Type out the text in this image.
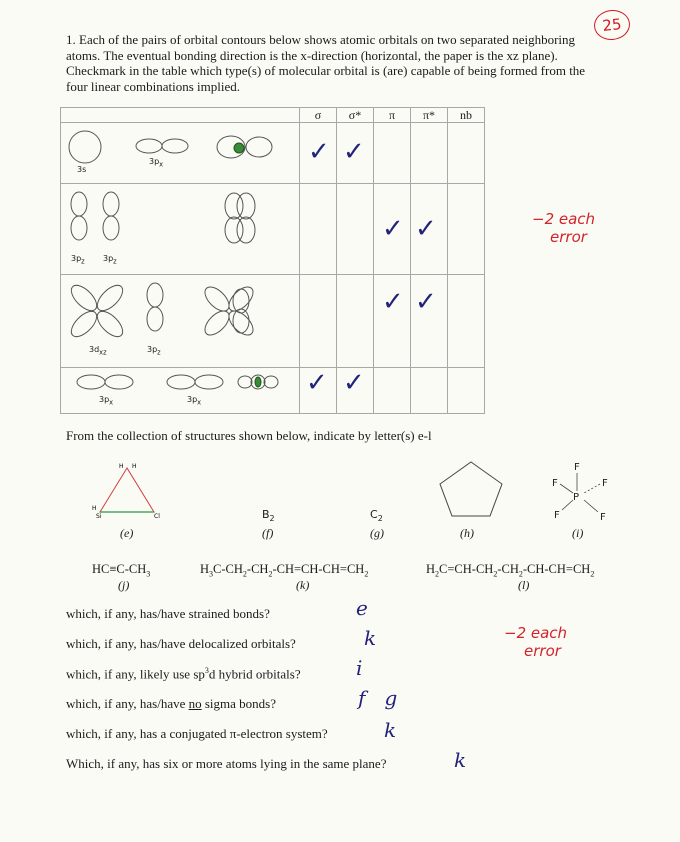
25
1. Each of the pairs of orbital contours below shows atomic orbitals on two separated neighboring atoms. The eventual bonding direction is the x-direction (horizontal, the paper is the xz plane). Checkmark in the table which type(s) of molecular orbital is (are) capable of being formed from the four linear combinations implied.
	σ	σ*	π	π*	nb

3s
$3p_x$	✓	✓			

$3p_z$ $3p_z$			✓	✓	

$3d_{xz}$ $3p_z$			✓	✓	

$3p_x$ $3p_x$	✓	✓			

−2 each
error
From the collection of structures shown below, indicate by letter(s) e-l
H H
H
Si	Cl
(e)
$B_2$
(f)
$C_2$
(g)	(h)
F
F	F
P
F	F
(i)
$HC\equiv C-CH_3$
(j)
$H_3C-CH_2-CH_2-CH=CH-CH=CH_2$
(k)
$H_2C=CH-CH_2-CH_2-CH-CH=CH_2$
(l)
which, if any, has/have strained bonds?	e
which, if any, has/have delocalized orbitals?	k
which, if any, likely use $sp^3d$ hybrid orbitals?	i
which, if any, has/have no sigma bonds?	f   g
which, if any, has a conjugated π-electron system?	k
Which, if any, has six or more atoms lying in the same plane?	k
−2 each
error
